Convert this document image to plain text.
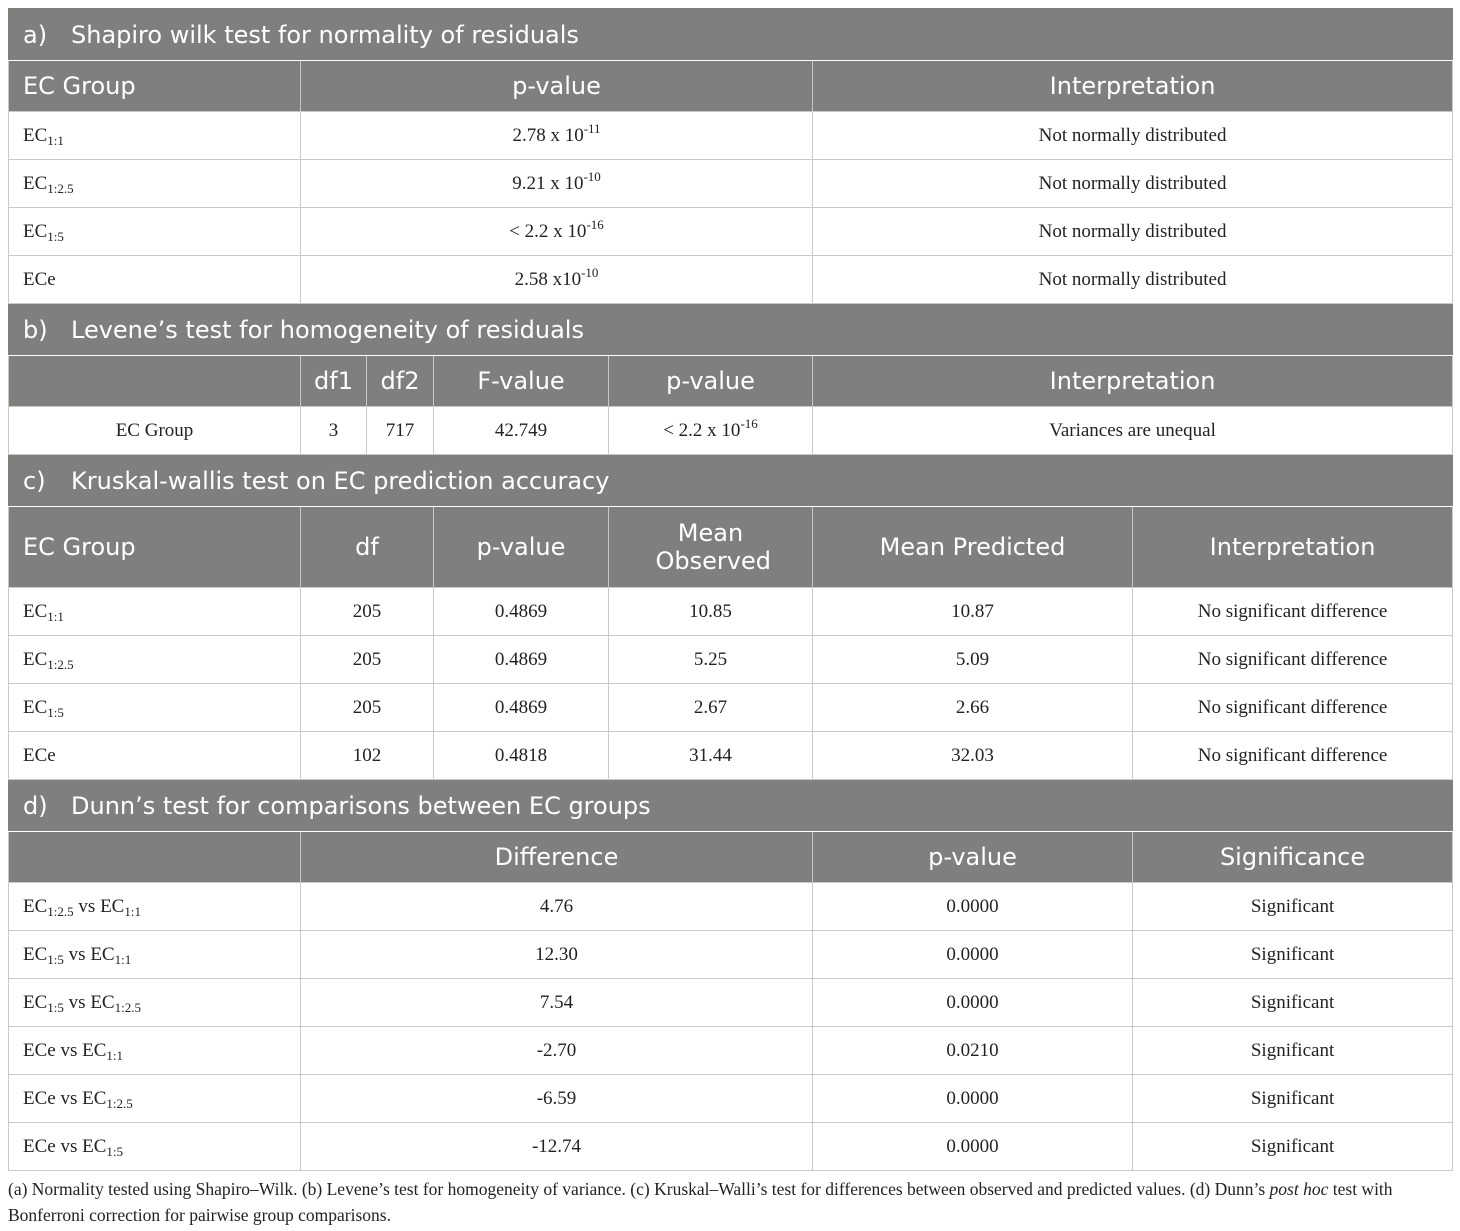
a) Shapiro wilk test for normality of residuals						
EC Group	p-value				Interpretation	
$EC_{1:1}$	2.78 x $10^{-11}$				Not normally distributed	
$EC_{1:2.5}$	9.21 x $10^{-10}$				Not normally distributed	
$EC_{1:5}$	< 2.2 x $10^{-16}$				Not normally distributed	
ECe	2.58 $x10^{-10}$				Not normally distributed	
b) Levene’s test for homogeneity of residuals						
	df1	df2	F-value	p-value	Interpretation	
EC Group	3	717	42.749	< 2.2 x $10^{-16}$	Variances are unequal	
c) Kruskal-wallis test on EC prediction accuracy						
EC Group	df		p-value	Mean Observed	Mean Predicted	Interpretation
$EC_{1:1}$	205		0.4869	10.85	10.87	No significant difference
$EC_{1:2.5}$	205		0.4869	5.25	5.09	No significant difference
$EC_{1:5}$	205		0.4869	2.67	2.66	No significant difference
ECe	102		0.4818	31.44	32.03	No significant difference
d) Dunn’s test for comparisons between EC groups						
	Difference				p-value	Significance
$EC_{1:2.5}$ vs $EC_{1:1}$	4.76				0.0000	Significant
$EC_{1:5}$ vs $EC_{1:1}$	12.30				0.0000	Significant
$EC_{1:5}$ vs $EC_{1:2.5}$	7.54				0.0000	Significant
ECe vs $EC_{1:1}$	-2.70				0.0210	Significant
ECe vs $EC_{1:2.5}$	-6.59				0.0000	Significant
ECe vs $EC_{1:5}$	-12.74				0.0000	Significant
(a) Normality tested using Shapiro–Wilk. (b) Levene’s test for homogeneity of variance. (c) Kruskal–Walli’s test for differences between observed and predicted values. (d) Dunn’s post hoc test with Bonferroni correction for pairwise group comparisons.
